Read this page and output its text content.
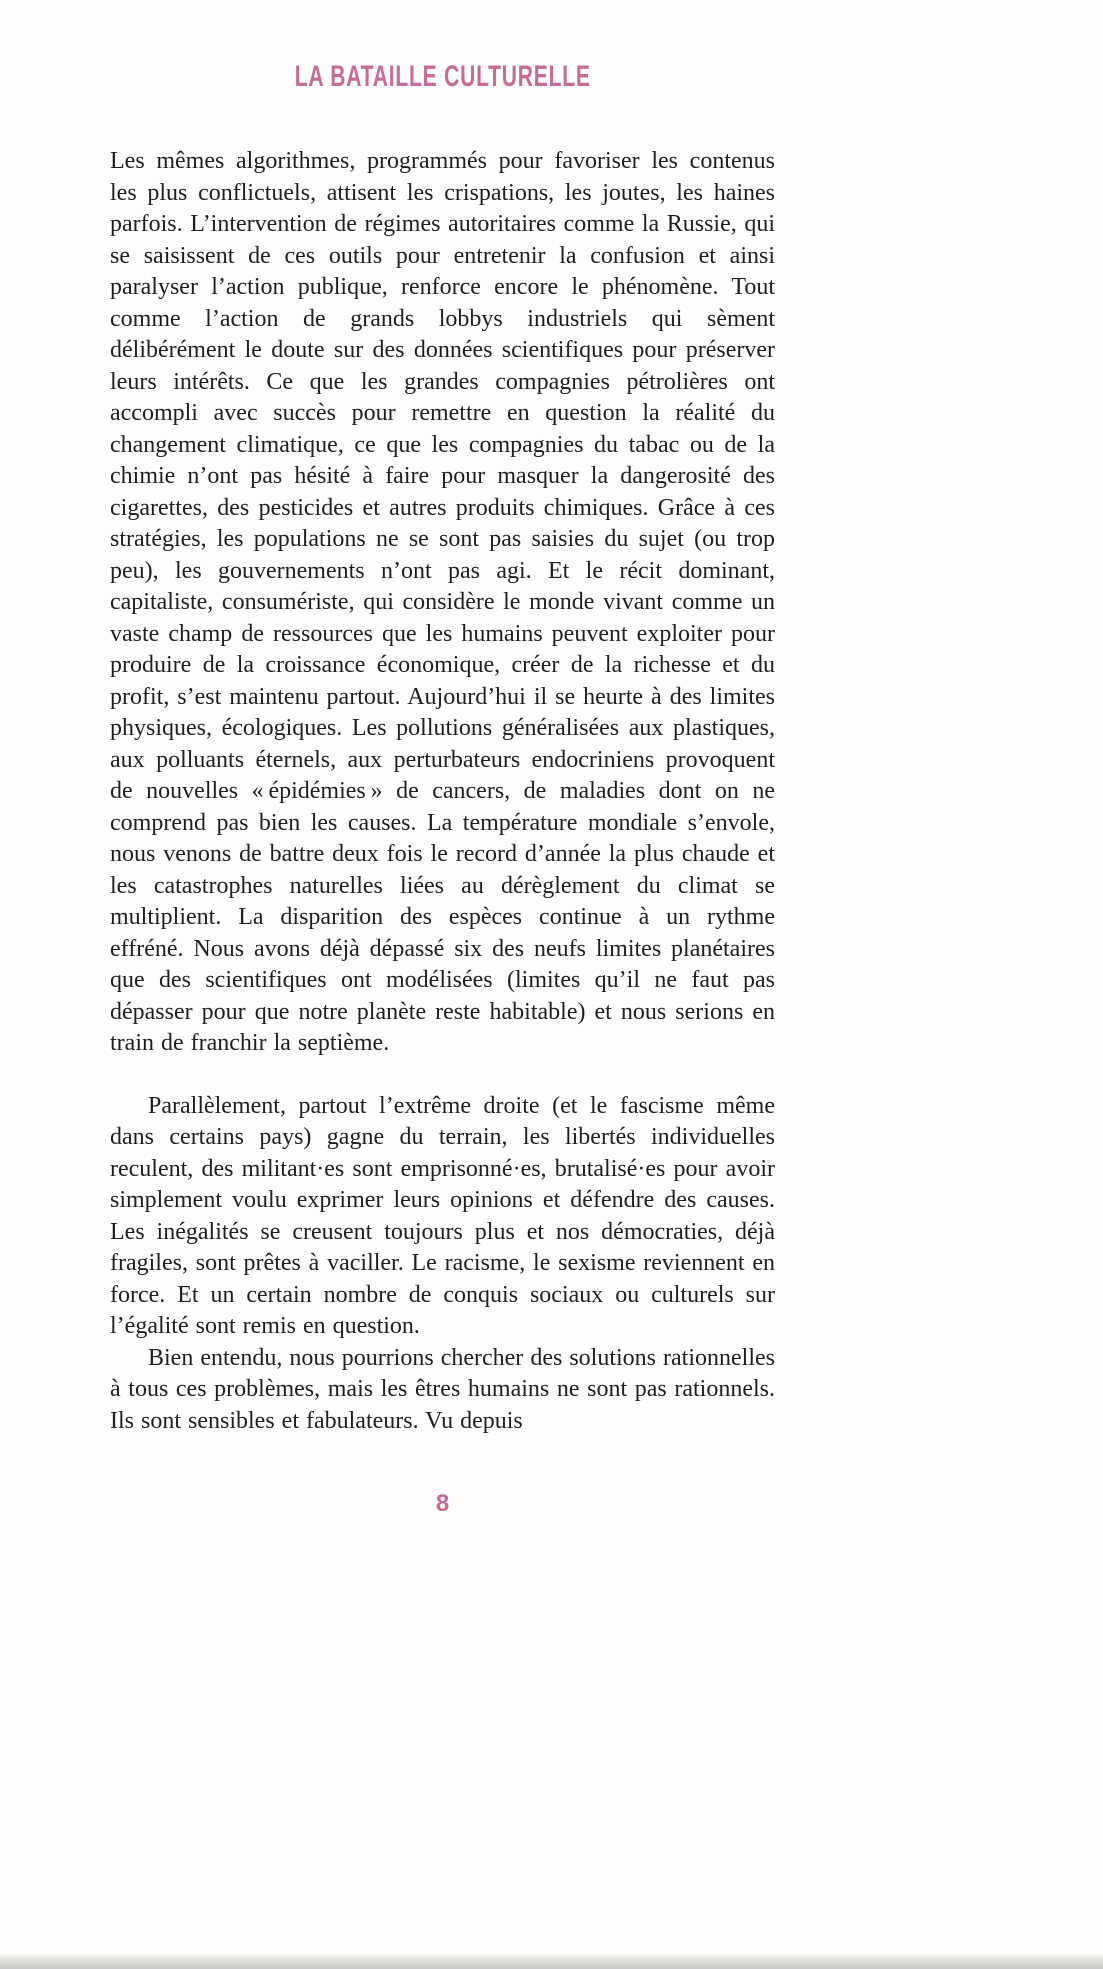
LA BATAILLE CULTURELLE

Les mêmes algorithmes, programmés pour favoriser les contenus les plus conflictuels, attisent les crispations, les joutes, les haines parfois. L’intervention de régimes autoritaires comme la Russie, qui se saisissent de ces outils pour entretenir la confusion et ainsi paralyser l’action publique, renforce encore le phénomène. Tout comme l’action de grands lobbys industriels qui sèment délibérément le doute sur des données scientifiques pour préserver leurs intérêts. Ce que les grandes compagnies pétrolières ont accompli avec succès pour remettre en question la réalité du changement climatique, ce que les compagnies du tabac ou de la chimie n’ont pas hésité à faire pour masquer la dangerosité des cigarettes, des pesticides et autres produits chimiques. Grâce à ces stratégies, les populations ne se sont pas saisies du sujet (ou trop peu), les gouvernements n’ont pas agi. Et le récit dominant, capitaliste, consumériste, qui considère le monde vivant comme un vaste champ de ressources que les humains peuvent exploiter pour produire de la croissance économique, créer de la richesse et du profit, s’est maintenu partout. Aujourd’hui il se heurte à des limites physiques, écologiques. Les pollutions généralisées aux plastiques, aux polluants éternels, aux perturbateurs endocriniens provoquent de nouvelles « épidémies » de cancers, de maladies dont on ne comprend pas bien les causes. La température mondiale s’envole, nous venons de battre deux fois le record d’année la plus chaude et les catastrophes naturelles liées au dérèglement du climat se multiplient. La disparition des espèces continue à un rythme effréné. Nous avons déjà dépassé six des neufs limites planétaires que des scientifiques ont modélisées (limites qu’il ne faut pas dépasser pour que notre planète reste habitable) et nous serions en train de franchir la septième.

Parallèlement, partout l’extrême droite (et le fascisme même dans certains pays) gagne du terrain, les libertés individuelles reculent, des militant·es sont emprisonné·es, brutalisé·es pour avoir simplement voulu exprimer leurs opinions et défendre des causes. Les inégalités se creusent toujours plus et nos démocraties, déjà fragiles, sont prêtes à vaciller. Le racisme, le sexisme reviennent en force. Et un certain nombre de conquis sociaux ou culturels sur l’égalité sont remis en question.

Bien entendu, nous pourrions chercher des solutions rationnelles à tous ces problèmes, mais les êtres humains ne sont pas rationnels. Ils sont sensibles et fabulateurs. Vu depuis

8
